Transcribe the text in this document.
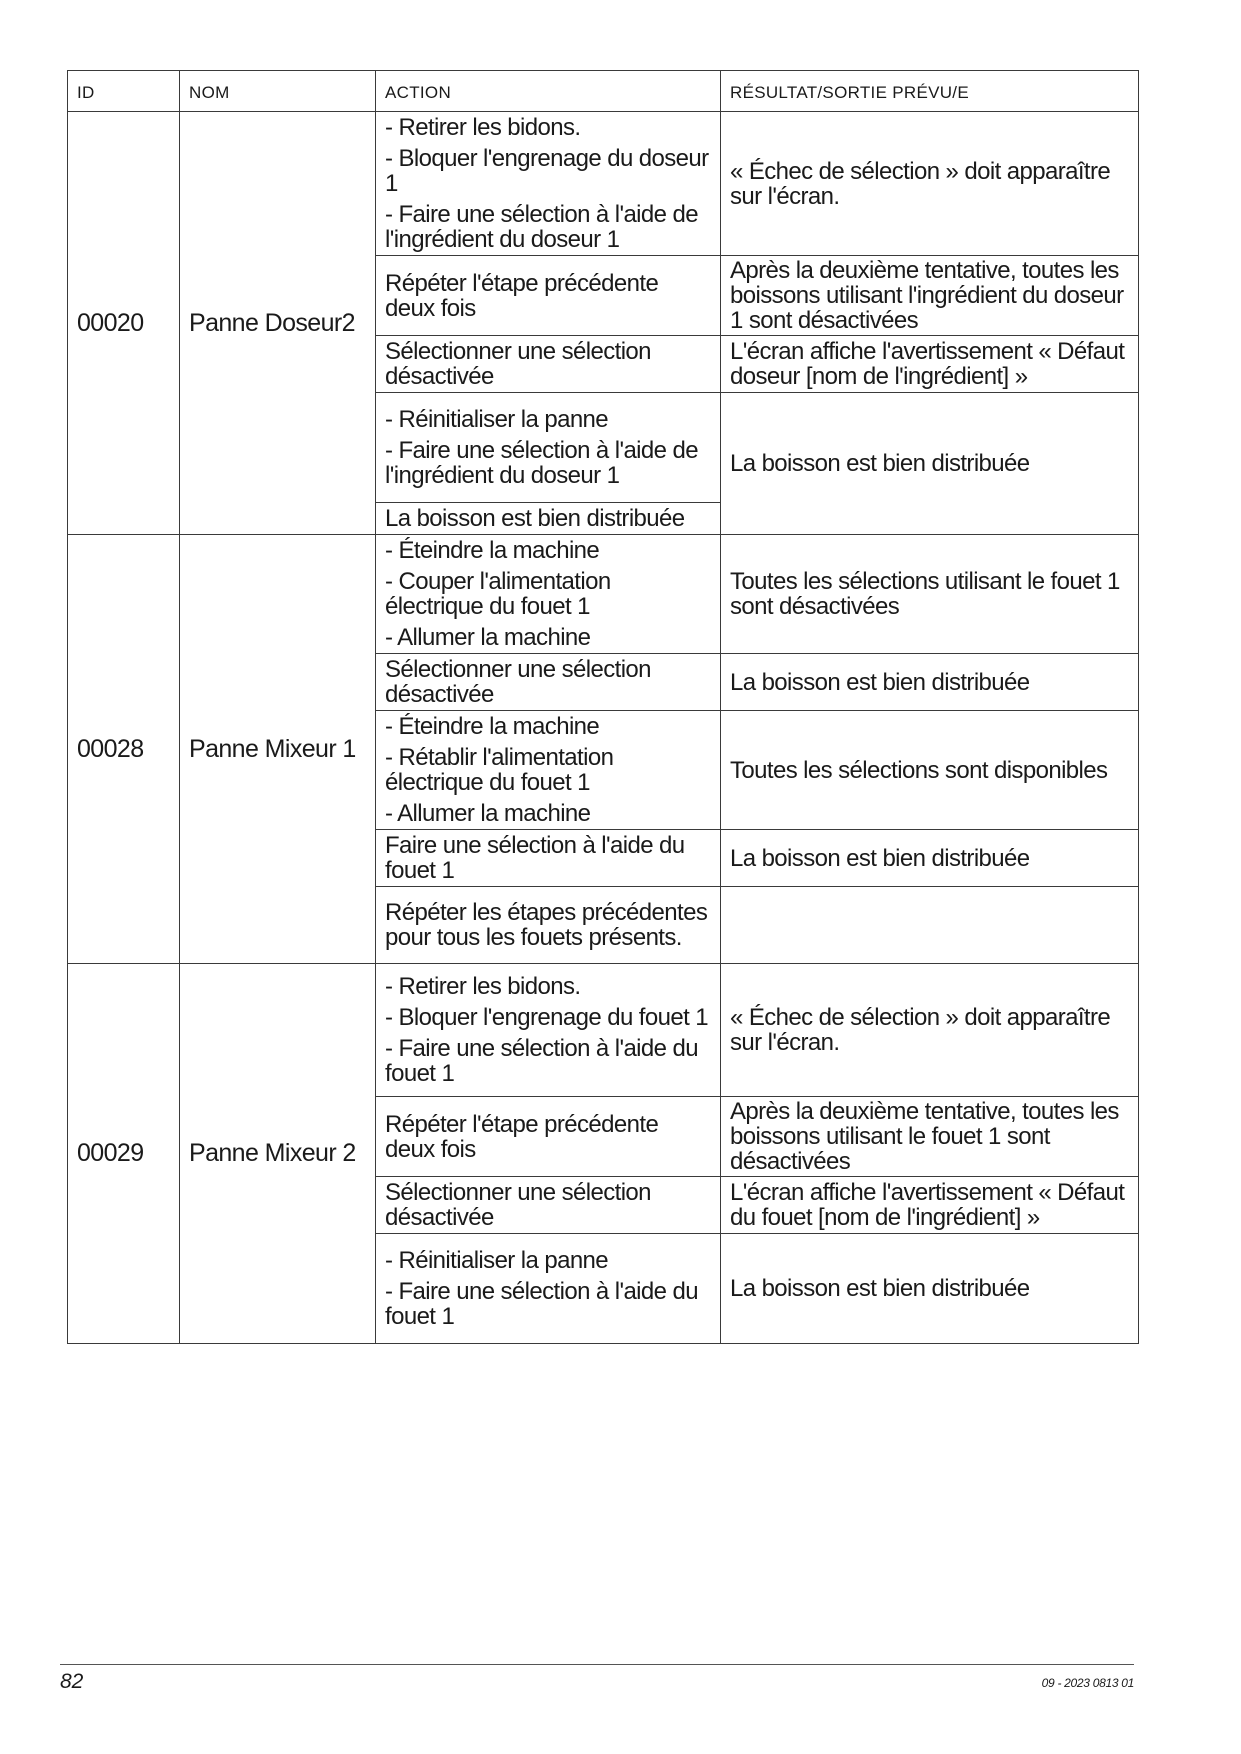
ID	NOM	ACTION	RÉSULTAT/SORTIE PRÉVU/E
00020	Panne Doseur2	- Retirer les bidons.
- Bloquer l'engrenage du doseur 1
- Faire une sélection à l'aide de l'ingrédient du doseur 1	« Échec de sélection » doit apparaître sur l'écran.

		Répéter l'étape précédente deux fois	Après la deuxième tentative, toutes les boissons utilisant l'ingrédient du doseur 1 sont désactivées

		Sélectionner une sélection désactivée	L'écran affiche l'avertissement « Défaut doseur [nom de l'ingrédient] »

		- Réinitialiser la panne
- Faire une sélection à l'aide de l'ingrédient du doseur 1	La boisson est bien distribuée

		La boisson est bien distribuée	

00028	Panne Mixeur 1	- Éteindre la machine
- Couper l'alimentation électrique du fouet 1
- Allumer la machine	Toutes les sélections utilisant le fouet 1 sont désactivées

		Sélectionner une sélection désactivée	La boisson est bien distribuée

		- Éteindre la machine
- Rétablir l'alimentation électrique du fouet 1
- Allumer la machine	Toutes les sélections sont disponibles

		Faire une sélection à l'aide du fouet 1	La boisson est bien distribuée

		Répéter les étapes précédentes pour tous les fouets présents.	

00029	Panne Mixeur 2	- Retirer les bidons.
- Bloquer l'engrenage du fouet 1
- Faire une sélection à l'aide du fouet 1	« Échec de sélection » doit apparaître sur l'écran.

		Répéter l'étape précédente deux fois	Après la deuxième tentative, toutes les boissons utilisant le fouet 1 sont désactivées

		Sélectionner une sélection désactivée	L'écran affiche l'avertissement « Défaut du fouet [nom de l'ingrédient] »

		- Réinitialiser la panne
- Faire une sélection à l'aide du fouet 1	La boisson est bien distribuée
82	09 - 2023 0813 01
